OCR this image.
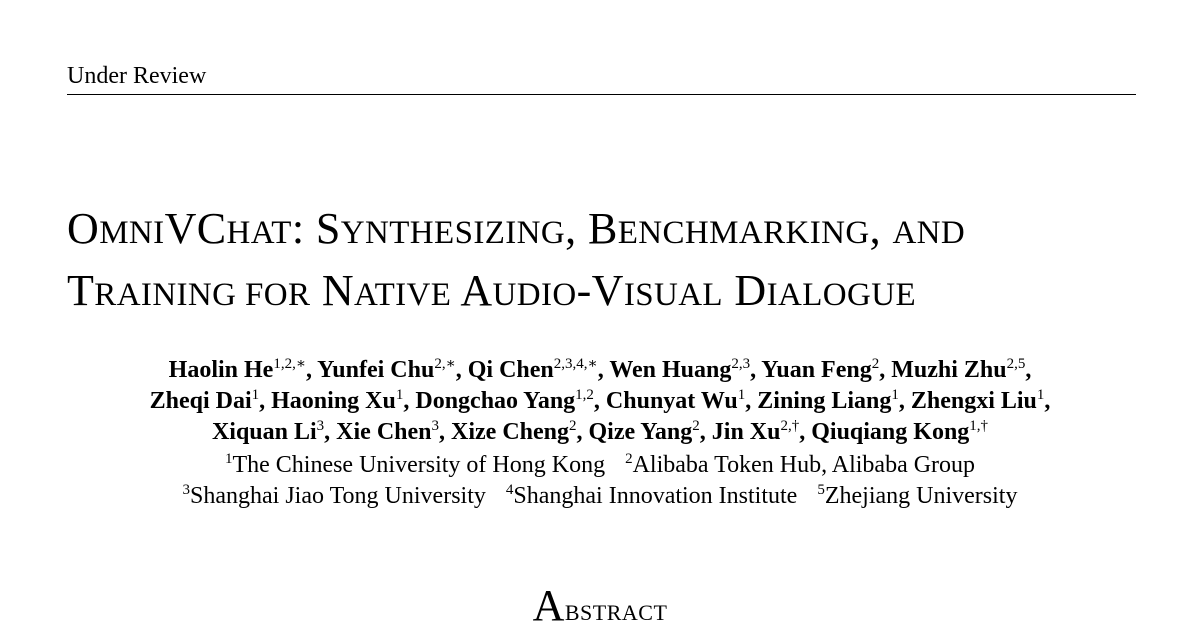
Under Review
OMNIVCHAT: SYNTHESIZING, BENCHMARKING, AND
TRAINING FOR NATIVE AUDIO-VISUAL DIALOGUE
Haolin $He^{1,2,∗}$, Yunfei Chu$^{2,∗}$, Qi Chen$^{2,3,4,∗}$, Wen Huang$^{2,3}$, Yuan Feng$^2$, Muzhi Zhu$^{2,5}$,
Zheqi Dai$^1$, Haoning Xu$^1$, Dongchao Yang$^{1,2}$, Chunyat Wu$^1$, Zining Liang$^1$, Zhengxi Liu$^1$,
Xiquan Li$^3$, Xie Chen$^3$, Xize Cheng$^2$, Qize Yang$^2$, Jin $Xu^{2,\dagger}$, Qiuqiang Kong$^{1,\dagger}$
$^1$The Chinese University of Hong Kong $^2$Alibaba Token Hub, Alibaba Group
$^3$Shanghai Jiao Tong University $^4$Shanghai Innovation Institute $^5$Zhejiang University
ABSTRACT
